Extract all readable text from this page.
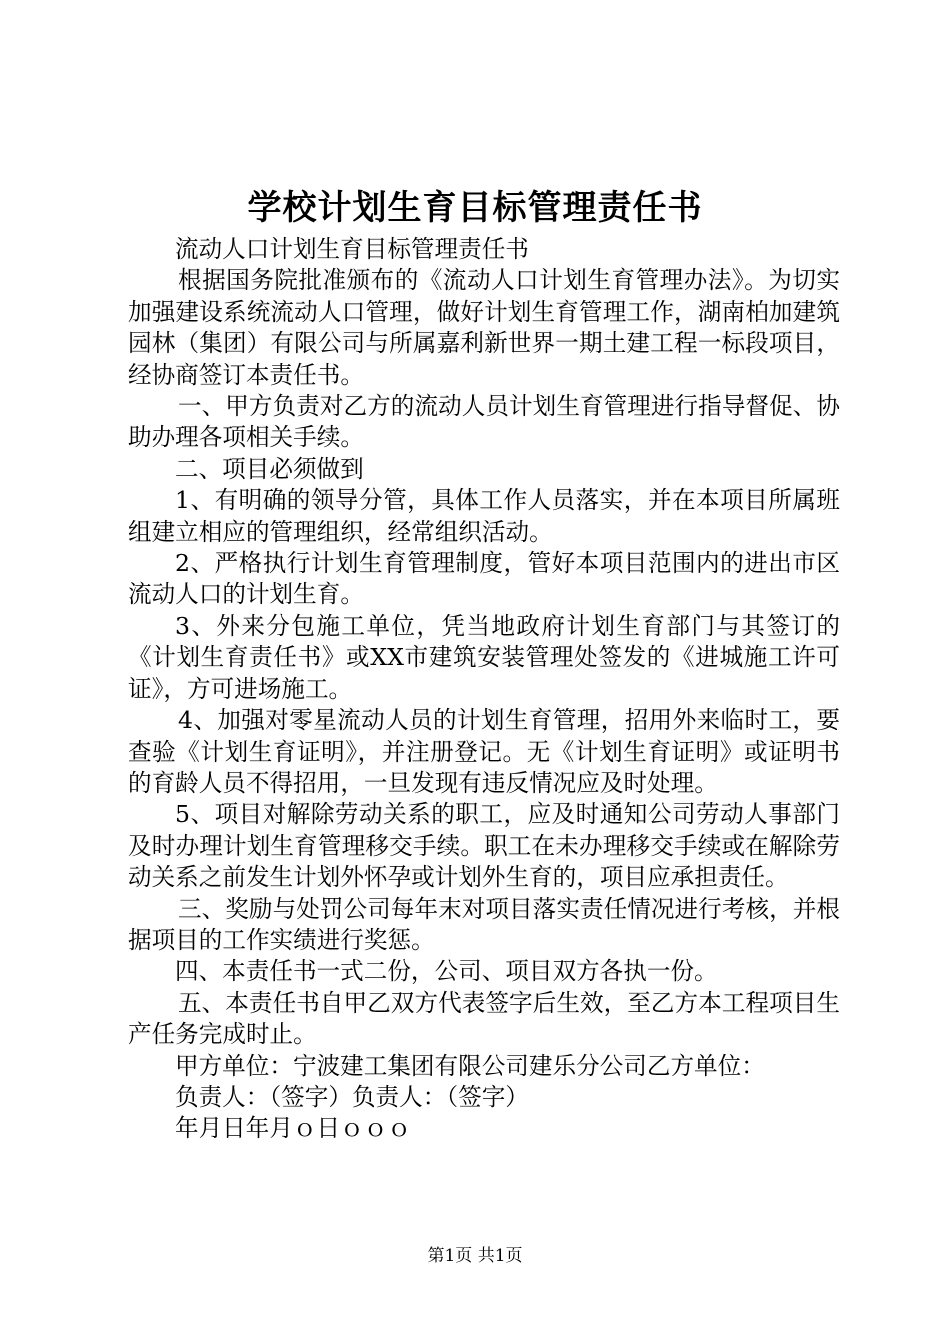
学校计划生育目标管理责任书

流动人口计划生育目标管理责任书

根据国务院批准颁布的《流动人口计划生育管理办法》。为切实加强建设系统流动人口管理，做好计划生育管理工作，湖南柏加建筑园林（集团）有限公司与所属嘉利新世界一期土建工程一标段项目，经协商签订本责任书。

一、甲方负责对乙方的流动人员计划生育管理进行指导督促、协助办理各项相关手续。

二、项目必须做到

1、有明确的领导分管，具体工作人员落实，并在本项目所属班组建立相应的管理组织，经常组织活动。

2、严格执行计划生育管理制度，管好本项目范围内的进出市区流动人口的计划生育。

3、外来分包施工单位，凭当地政府计划生育部门与其签订的《计划生育责任书》或XX市建筑安装管理处签发的《进城施工许可证》，方可进场施工。

4、加强对零星流动人员的计划生育管理，招用外来临时工，要查验《计划生育证明》，并注册登记。无《计划生育证明》或证明书的育龄人员不得招用，一旦发现有违反情况应及时处理。

5、项目对解除劳动关系的职工，应及时通知公司劳动人事部门及时办理计划生育管理移交手续。职工在未办理移交手续或在解除劳动关系之前发生计划外怀孕或计划外生育的，项目应承担责任。

三、奖励与处罚公司每年末对项目落实责任情况进行考核，并根据项目的工作实绩进行奖惩。

四、本责任书一式二份，公司、项目双方各执一份。

五、本责任书自甲乙双方代表签字后生效，至乙方本工程项目生产任务完成时止。

甲方单位：宁波建工集团有限公司建乐分公司乙方单位：

负责人：（签字）负责人：（签字）

年月日年月ｏ日ｏｏｏ

第1页 共1页
